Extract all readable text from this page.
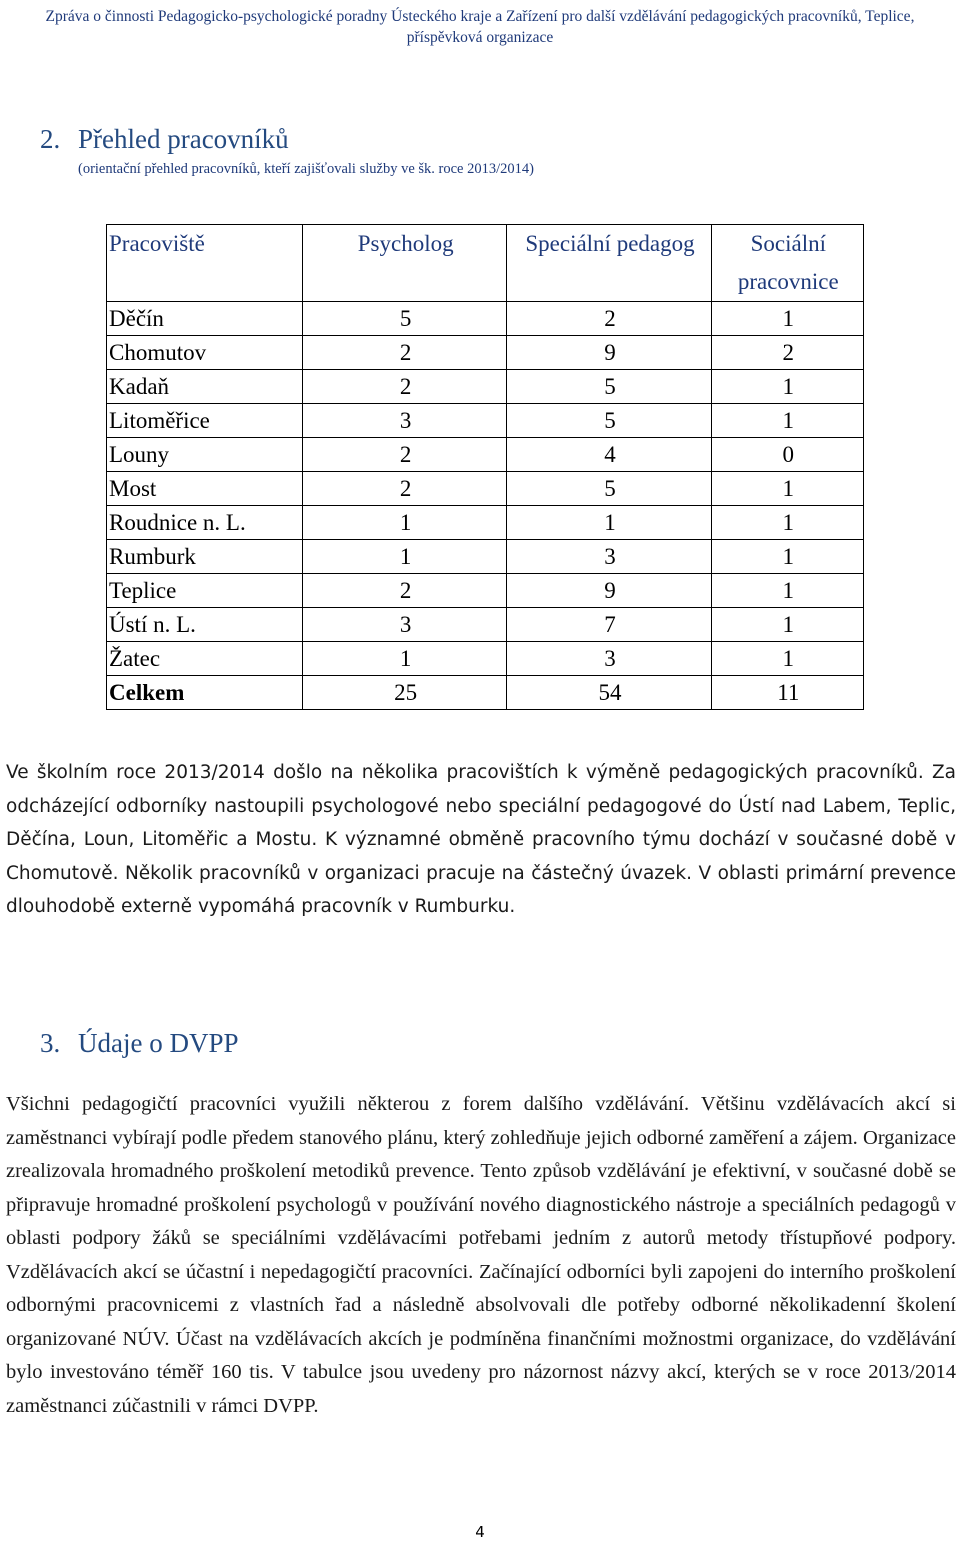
Zpráva o činnosti Pedagogicko-psychologické poradny Ústeckého kraje a Zařízení pro další vzdělávání pedagogických pracovníků, Teplice,
příspěvková organizace
2. Přehled pracovníků
(orientační přehled pracovníků, kteří zajišťovali služby ve šk. roce 2013/2014)
Pracoviště	Psycholog	Speciální pedagog	Sociální pracovnice
Děčín	5	2	1
Chomutov	2	9	2
Kadaň	2	5	1
Litoměřice	3	5	1
Louny	2	4	0
Most	2	5	1
Roudnice n. L.	1	1	1
Rumburk	1	3	1
Teplice	2	9	1
Ústí n. L.	3	7	1
Žatec	1	3	1
Celkem	25	54	11
Ve školním roce 2013/2014 došlo na několika pracovištích k výměně pedagogických pracovníků. Za odcházející odborníky nastoupili psychologové nebo speciální pedagogové do Ústí nad Labem, Teplic, Děčína, Loun, Litoměřic a Mostu. K významné obměně pracovního týmu dochází v současné době v Chomutově. Několik pracovníků v organizaci pracuje na částečný úvazek. V oblasti primární prevence dlouhodobě externě vypomáhá pracovník v Rumburku.
3. Údaje o DVPP
Všichni pedagogičtí pracovníci využili některou z forem dalšího vzdělávání. Většinu vzdělávacích akcí si zaměstnanci vybírají podle předem stanového plánu, který zohledňuje jejich odborné zaměření a zájem. Organizace zrealizovala hromadného proškolení metodiků prevence. Tento způsob vzdělávání je efektivní, v současné době se připravuje hromadné proškolení psychologů v používání nového diagnostického nástroje a speciálních pedagogů v oblasti podpory žáků se speciálními vzdělávacími potřebami jedním z autorů metody třístupňové podpory. Vzdělávacích akcí se účastní i nepedagogičtí pracovníci. Začínající odborníci byli zapojeni do interního proškolení odbornými pracovnicemi z vlastních řad a následně absolvovali dle potřeby odborné několikadenní školení organizované NÚV. Účast na vzdělávacích akcích je podmíněna finančními možnostmi organizace, do vzdělávání bylo investováno téměř 160 tis. V tabulce jsou uvedeny pro názornost názvy akcí, kterých se v roce 2013/2014 zaměstnanci zúčastnili v rámci DVPP.
4
